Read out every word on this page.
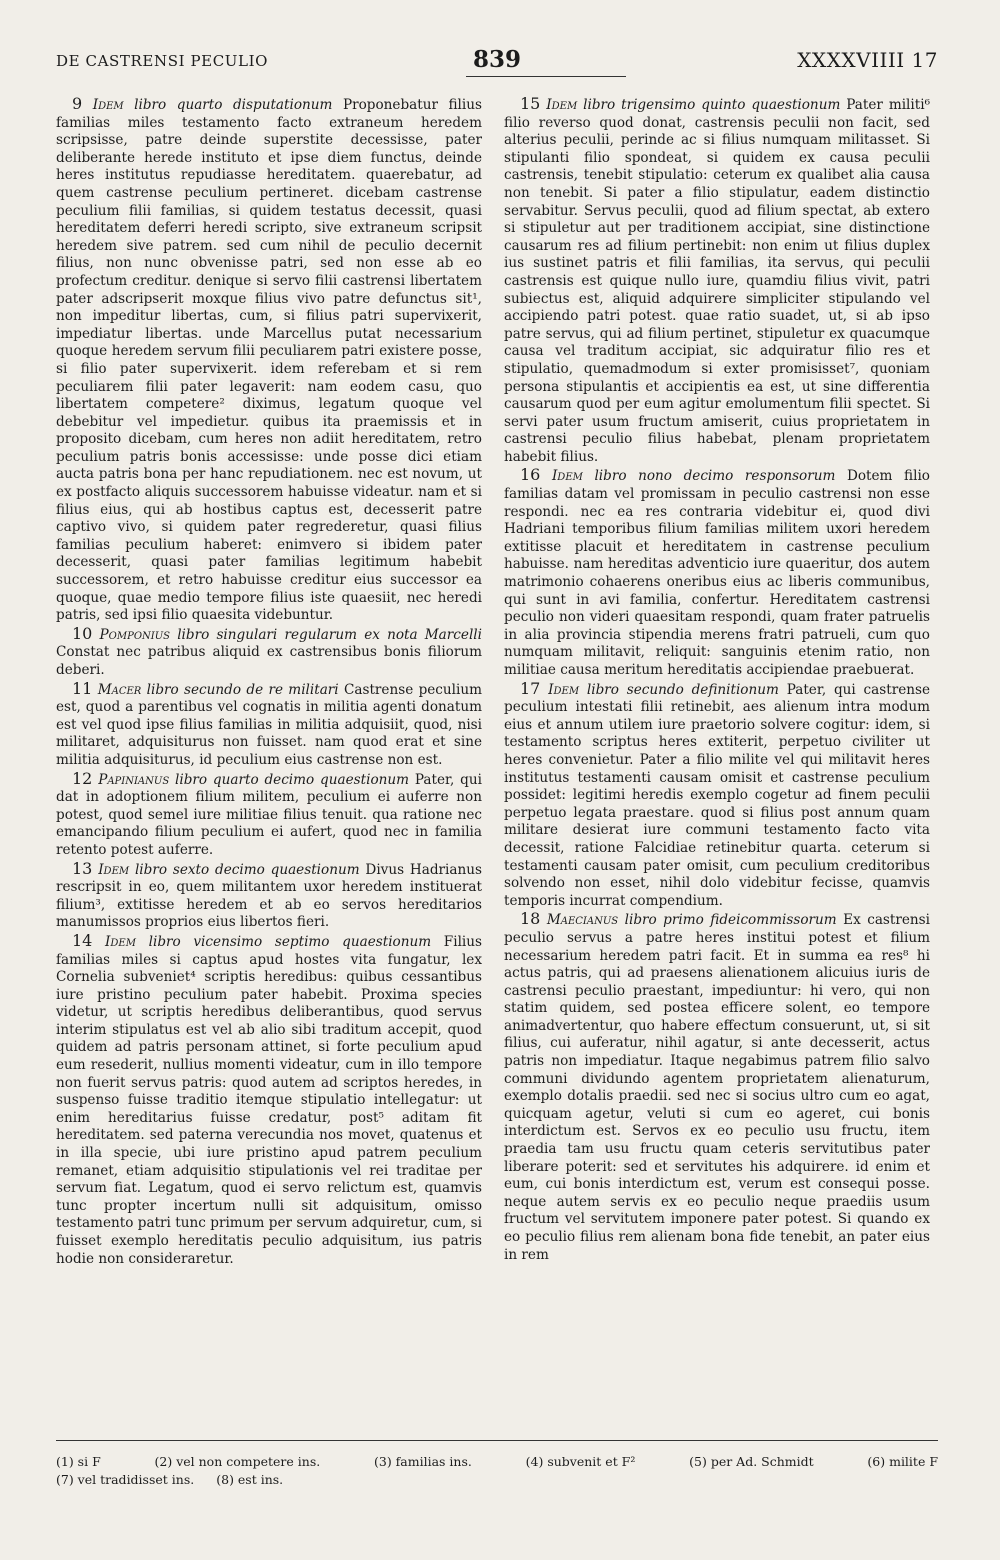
DE CASTRENSI PECULIO	839	XXXXVIIII 17

9 Idem libro quarto disputationum Proponebatur filius familias miles testamento facto extraneum heredem scripsisse, patre deinde superstite decessisse, pater deliberante herede instituto et ipse diem functus, deinde heres institutus repudiasse hereditatem. quaerebatur, ad quem castrense peculium pertineret. dicebam castrense peculium filii familias, si quidem testatus decessit, quasi hereditatem deferri heredi scripto, sive extraneum scripsit heredem sive patrem. sed cum nihil de peculio decernit filius, non nunc obvenisse patri, sed non esse ab eo profectum creditur. denique si servo filii castrensi libertatem pater adscripserit moxque filius vivo patre defunctus sit¹, non impeditur libertas, cum, si filius patri supervixerit, impediatur libertas. unde Marcellus putat necessarium quoque heredem servum filii peculiarem patri existere posse, si filio pater supervixerit. idem referebam et si rem peculiarem filii pater legaverit: nam eodem casu, quo libertatem competere² diximus, legatum quoque vel debebitur vel impedietur. quibus ita praemissis et in proposito dicebam, cum heres non adiit hereditatem, retro peculium patris bonis accessisse: unde posse dici etiam aucta patris bona per hanc repudiationem. nec est novum, ut ex postfacto aliquis successorem habuisse videatur. nam et si filius eius, qui ab hostibus captus est, decesserit patre captivo vivo, si quidem pater regrederetur, quasi filius familias peculium haberet: enimvero si ibidem pater decesserit, quasi pater familias legitimum habebit successorem, et retro habuisse creditur eius successor ea quoque, quae medio tempore filius iste quaesiit, nec heredi patris, sed ipsi filio quaesita videbuntur.

10 Pomponius libro singulari regularum ex nota Marcelli Constat nec patribus aliquid ex castrensibus bonis filiorum deberi.

11 Macer libro secundo de re militari Castrense peculium est, quod a parentibus vel cognatis in militia agenti donatum est vel quod ipse filius familias in militia adquisiit, quod, nisi militaret, adquisiturus non fuisset. nam quod erat et sine militia adquisiturus, id peculium eius castrense non est.

12 Papinianus libro quarto decimo quaestionum Pater, qui dat in adoptionem filium militem, peculium ei auferre non potest, quod semel iure militiae filius tenuit. qua ratione nec emancipando filium peculium ei aufert, quod nec in familia retento potest auferre.

13 Idem libro sexto decimo quaestionum Divus Hadrianus rescripsit in eo, quem militantem uxor heredem instituerat filium³, extitisse heredem et ab eo servos hereditarios manumissos proprios eius libertos fieri.

14 Idem libro vicensimo septimo quaestionum Filius familias miles si captus apud hostes vita fungatur, lex Cornelia subveniet⁴ scriptis heredibus: quibus cessantibus iure pristino peculium pater habebit. Proxima species videtur, ut scriptis heredibus deliberantibus, quod servus interim stipulatus est vel ab alio sibi traditum accepit, quod quidem ad patris personam attinet, si forte peculium apud eum resederit, nullius momenti videatur, cum in illo tempore non fuerit servus patris: quod autem ad scriptos heredes, in suspenso fuisse traditio itemque stipulatio intellegatur: ut enim hereditarius fuisse credatur, post⁵ aditam fit hereditatem. sed paterna verecundia nos movet, quatenus et in illa specie, ubi iure pristino apud patrem peculium remanet, etiam adquisitio stipulationis vel rei traditae per servum fiat. Legatum, quod ei servo relictum est, quamvis tunc propter incertum nulli sit adquisitum, omisso testamento patri tunc primum per servum adquiretur, cum, si fuisset exemplo hereditatis peculio adquisitum, ius patris hodie non consideraretur.

15 Idem libro trigensimo quinto quaestionum Pater militi⁶ filio reverso quod donat, castrensis peculii non facit, sed alterius peculii, perinde ac si filius numquam militasset. Si stipulanti filio spondeat, si quidem ex causa peculii castrensis, tenebit stipulatio: ceterum ex qualibet alia causa non tenebit. Si pater a filio stipulatur, eadem distinctio servabitur. Servus peculii, quod ad filium spectat, ab extero si stipuletur aut per traditionem accipiat, sine distinctione causarum res ad filium pertinebit: non enim ut filius duplex ius sustinet patris et filii familias, ita servus, qui peculii castrensis est quique nullo iure, quamdiu filius vivit, patri subiectus est, aliquid adquirere simpliciter stipulando vel accipiendo patri potest. quae ratio suadet, ut, si ab ipso patre servus, qui ad filium pertinet, stipuletur ex quacumque causa vel traditum accipiat, sic adquiratur filio res et stipulatio, quemadmodum si exter promisisset⁷, quoniam persona stipulantis et accipientis ea est, ut sine differentia causarum quod per eum agitur emolumentum filii spectet. Si servi pater usum fructum amiserit, cuius proprietatem in castrensi peculio filius habebat, plenam proprietatem habebit filius.

16 Idem libro nono decimo responsorum Dotem filio familias datam vel promissam in peculio castrensi non esse respondi. nec ea res contraria videbitur ei, quod divi Hadriani temporibus filium familias militem uxori heredem extitisse placuit et hereditatem in castrense peculium habuisse. nam hereditas adventicio iure quaeritur, dos autem matrimonio cohaerens oneribus eius ac liberis communibus, qui sunt in avi familia, confertur. Hereditatem castrensi peculio non videri quaesitam respondi, quam frater patruelis in alia provincia stipendia merens fratri patrueli, cum quo numquam militavit, reliquit: sanguinis etenim ratio, non militiae causa meritum hereditatis accipiendae praebuerat.

17 Idem libro secundo definitionum Pater, qui castrense peculium intestati filii retinebit, aes alienum intra modum eius et annum utilem iure praetorio solvere cogitur: idem, si testamento scriptus heres extiterit, perpetuo civiliter ut heres convenietur. Pater a filio milite vel qui militavit heres institutus testamenti causam omisit et castrense peculium possidet: legitimi heredis exemplo cogetur ad finem peculii perpetuo legata praestare. quod si filius post annum quam militare desierat iure communi testamento facto vita decessit, ratione Falcidiae retinebitur quarta. ceterum si testamenti causam pater omisit, cum peculium creditoribus solvendo non esset, nihil dolo videbitur fecisse, quamvis temporis incurrat compendium.

18 Maecianus libro primo fideicommissorum Ex castrensi peculio servus a patre heres institui potest et filium necessarium heredem patri facit. Et in summa ea res⁸ hi actus patris, qui ad praesens alienationem alicuius iuris de castrensi peculio praestant, impediuntur: hi vero, qui non statim quidem, sed postea efficere solent, eo tempore animadvertentur, quo habere effectum consuerunt, ut, si sit filius, cui auferatur, nihil agatur, si ante decesserit, actus patris non impediatur. Itaque negabimus patrem filio salvo communi dividundo agentem proprietatem alienaturum, exemplo dotalis praedii. sed nec si socius ultro cum eo agat, quicquam agetur, veluti si cum eo ageret, cui bonis interdictum est. Servos ex eo peculio usu fructu, item praedia tam usu fructu quam ceteris servitutibus pater liberare poterit: sed et servitutes his adquirere. id enim et eum, cui bonis interdictum est, verum est consequi posse. neque autem servis ex eo peculio neque praediis usum fructum vel servitutem imponere pater potest. Si quando ex eo peculio filius rem alienam bona fide tenebit, an pater eius in rem

(1) si F	(2) vel non competere ins.	(3) familias ins.	(4) subvenit et F²	(5) per Ad. Schmidt	(6) milite F
(7) vel tradidisset ins. (8) est ins.
